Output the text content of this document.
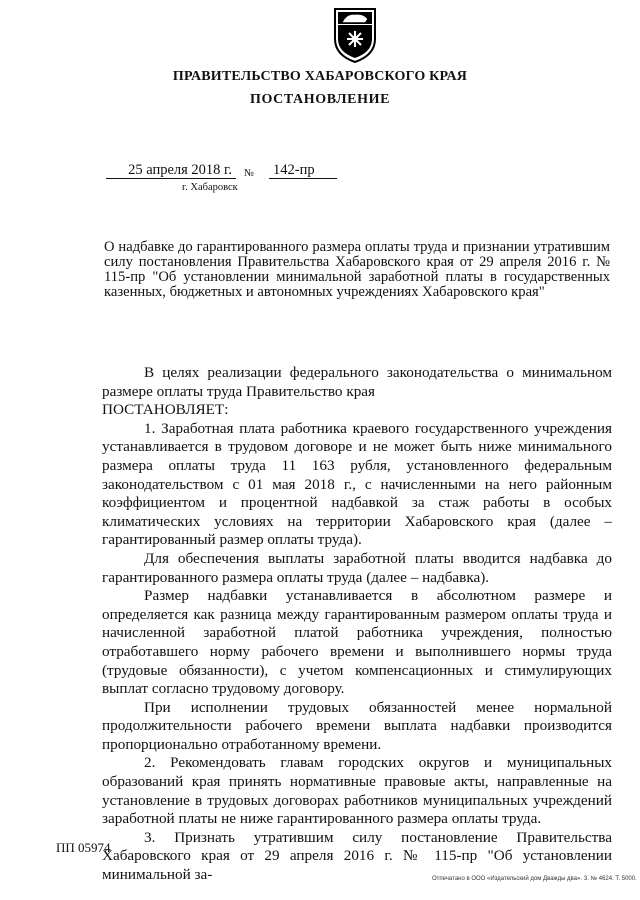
ПРАВИТЕЛЬСТВО ХАБАРОВСКОГО КРАЯ
ПОСТАНОВЛЕНИЕ
25 апреля 2018 г.	№ 142-пр
г. Хабаровск
О надбавке до гарантированного размера оплаты труда и признании утратившим силу постановления Правительства Хабаровского края от 29 апреля 2016 г. № 115-пр "Об установлении минимальной заработной платы в государственных казенных, бюджетных и автономных учреждениях Хабаровского края"

В целях реализации федерального законодательства о минимальном размере оплаты труда Правительство края

ПОСТАНОВЛЯЕТ:

1. Заработная плата работника краевого государственного учреждения устанавливается в трудовом договоре и не может быть ниже минимального размера оплаты труда 11 163 рубля, установленного федеральным законодательством с 01 мая 2018 г., с начисленными на него районным коэффициентом и процентной надбавкой за стаж работы в особых климатических условиях на территории Хабаровского края (далее – гарантированный размер оплаты труда).

Для обеспечения выплаты заработной платы вводится надбавка до гарантированного размера оплаты труда (далее – надбавка).

Размер надбавки устанавливается в абсолютном размере и определяется как разница между гарантированным размером оплаты труда и начисленной заработной платой работника учреждения, полностью отработавшего норму рабочего времени и выполнившего нормы труда (трудовые обязанности), с учетом компенсационных и стимулирующих выплат согласно трудовому договору.

При исполнении трудовых обязанностей менее нормальной продолжительности рабочего времени выплата надбавки производится пропорционально отработанному времени.

2. Рекомендовать главам городских округов и муниципальных образований края принять нормативные правовые акты, направленные на установление в трудовых договорах работников муниципальных учреждений заработной платы не ниже гарантированного размера оплаты труда.

3. Признать утратившим силу постановление Правительства Хабаровского края от 29 апреля 2016 г. № 115-пр "Об установлении минимальной за-

ПП 05974
Отпечатано в ООО «Издательский дом Дважды два». З. № 4624. Т. 5000.
